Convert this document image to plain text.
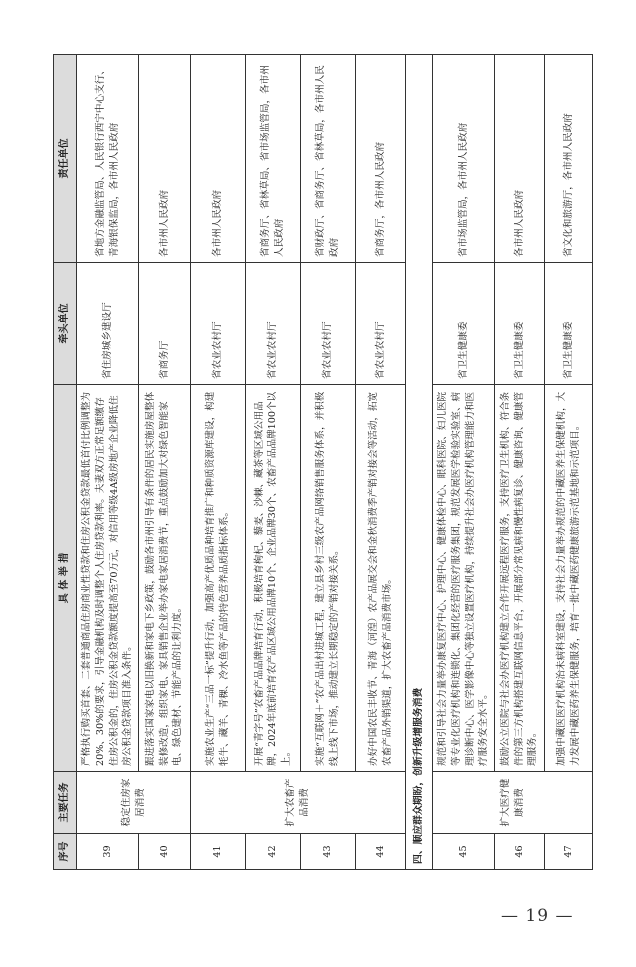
序号	主要任务	具 体 举 措	牵头单位	责任单位
39	稳定住房家居消费	严格执行购买首套、二套普通商品住房商业性贷款和住房公积金贷款最低首付比例调整为20%、30%的要求，引导金融机构及时调整个人住房贷款利率。夫妻双方正常足额缴存住房公积金的，住房公积金贷款额度提高至70万元，对信用等级4A级房地产企业降低住房公积金贷款项目准入条件。	省住房城乡建设厅	省地方金融监管局、人民银行西宁中心支行、青海银保监局，各市州人民政府
40		跟进落实国家家电以旧换新和家电下乡政策，鼓励各市州引导有条件的居民实施房屋整体装修改造，组织家电、家具销售企业举办家电家居消费节，重点鼓励加大对绿色智能家电、绿色建材、节能产品的让利力度。	省商务厅	各市州人民政府
41	扩大农畜产品消费	实施农业生产“三品一标”提升行动，加强高产优质品种培育推广和种质资源库建设，构建牦牛、藏羊、青稞、冷水鱼等产品的特色营养品质指标体系。	省农业农村厅	各市州人民政府
42		开展“青字号”农畜产品品牌培育行动，积极培育枸杞、藜麦、沙棘、藏茶等区域公用品牌，2024年底前培育农产品区域公用品牌10个、企业品牌30个、农畜产品品牌100个以上。	省农业农村厅	省商务厅、省林草局、省市场监管局，各市州人民政府
43		实施“互联网＋”农产品出村进城工程，建立县乡村三级农产品网络销售服务体系，并积极线上线下市场，推动建立长期稳定的产销对接关系。	省农业农村厅	省财政厅、省商务厅、省林草局，各市州人民政府
44		办好中国农民丰收节、青海（河湟）农产品展交会和金秋消费季产销对接会等活动，拓宽农畜产品外销渠道，扩大农畜产品消费市场。	省农业农村厅	省商务厅，各市州人民政府
四、顺应群众期盼，创新升级增服务消费				
45	扩大医疗健康消费	规范和引导社会力量举办康复医疗中心、护理中心、健康体检中心、眼科医院、妇儿医院等专业化医疗机构和连锁化、集团化经营的医疗服务集团，规范发展医学检验实验室、病理诊断中心、医学影像中心等独立设置医疗机构，持续提升社会办医疗机构管理能力和医疗服务安全水平。	省卫生健康委	省市场监管局，各市州人民政府
46		鼓励公立医院与社会办医疗机构建立合作开展远程医疗服务，支持医疗卫生机构、符合条件的第三方机构搭建互联网信息平台，开展部分常见病和慢性病复诊、健康咨询、健康管理服务。	省卫生健康委	各市州人民政府
47		加强中藏医医疗机构治未病科室建设，支持社会力量举办规范的中藏医养生保健机构，大力发展中藏医药养生保健服务，培育一批中藏医药健康旅游示范基地和示范项目。	省卫生健康委	省文化和旅游厅，各市州人民政府
— 19 —
